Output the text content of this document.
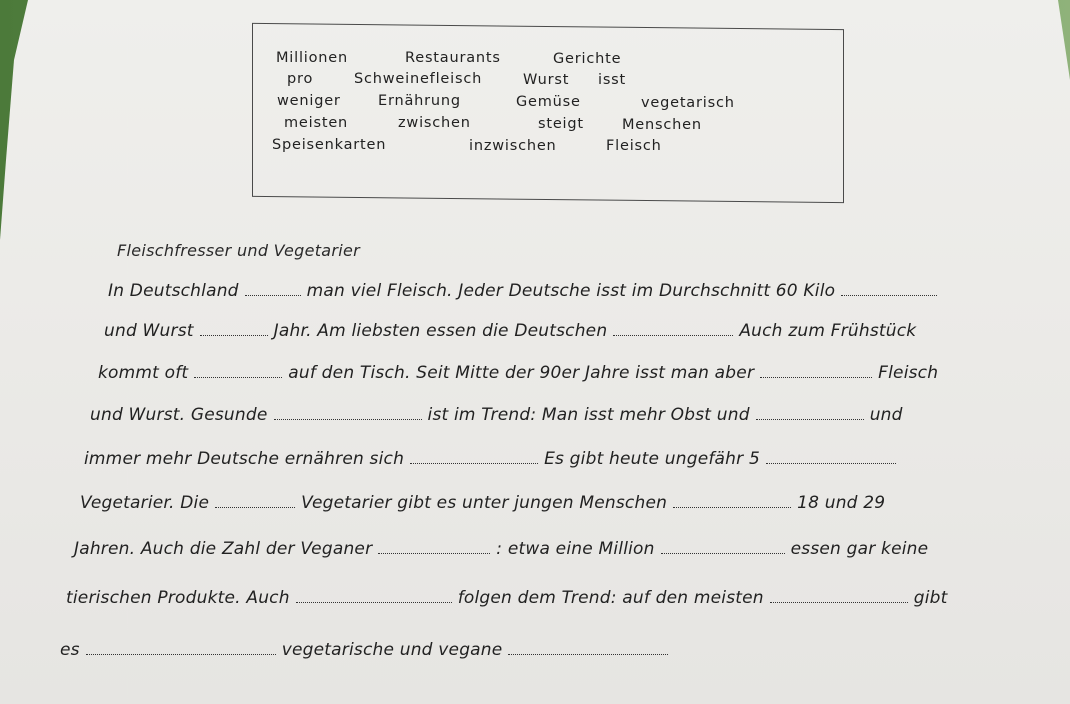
Millionen	Restaurants	Gerichte
pro	Schweinefleisch	Wurst isst
weniger	Ernährung	Gemüse	vegetarisch
meisten	zwischen	steigt	Menschen
Speisenkarten	inzwischen	Fleisch
Fleischfresser und Vegetarier
In Deutschland	man viel Fleisch. Jeder Deutsche isst im Durchschnitt 60 Kilo
und Wurst	Jahr. Am liebsten essen die Deutschen	Auch zum Frühstück
kommt oft	auf den Tisch. Seit Mitte der 90er Jahre isst man aber	Fleisch
und Wurst. Gesunde	ist im Trend: Man isst mehr Obst und	und
immer mehr Deutsche ernähren sich	Es gibt heute ungefähr 5
Vegetarier. Die	Vegetarier gibt es unter jungen Menschen	18 und 29
Jahren. Auch die Zahl der Veganer	: etwa eine Million	essen gar keine
tierischen Produkte. Auch	folgen dem Trend: auf den meisten	gibt
es	vegetarische und vegane
